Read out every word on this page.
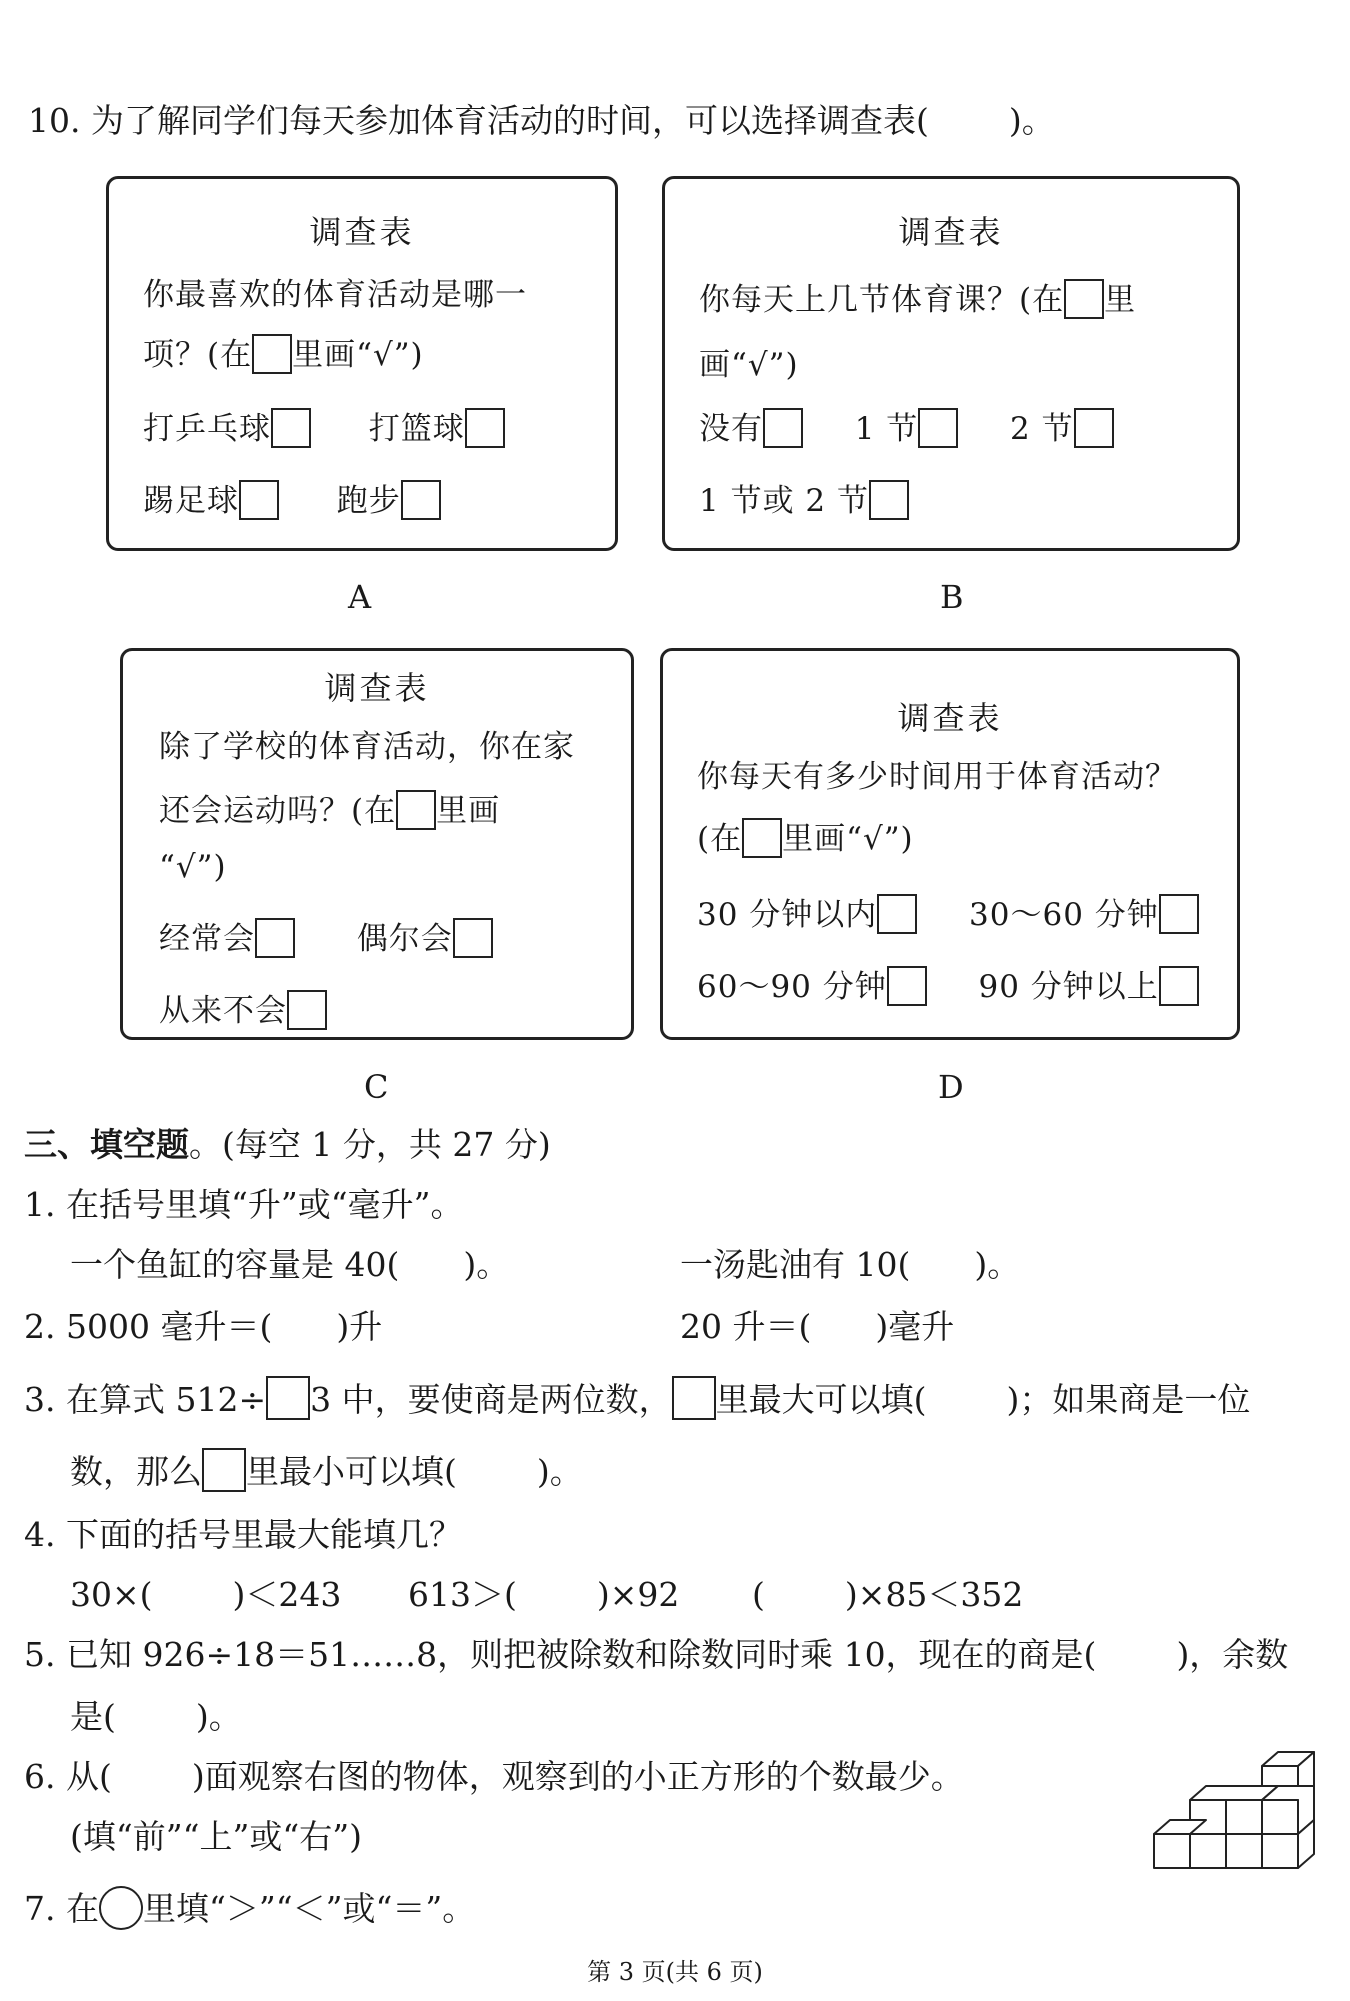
10. 为了解同学们每天参加体育活动的时间，可以选择调查表( )。
调查表
你最喜欢的体育活动是哪一
项？(在 里画“√”)
打乒乓球	打篮球
踢足球	跑步
A
调查表
你每天上几节体育课？(在 里
画“√”)
没有	1 节	2 节
1 节或 2 节
B
调查表
除了学校的体育活动，你在家
还会运动吗？(在 里画
“√”)
经常会	偶尔会
从来不会
C
调查表
你每天有多少时间用于体育活动？
(在 里画“√”)
30 分钟以内	30～60 分钟
60～90 分钟	90 分钟以上
D
三、填空题。(每空 1 分，共 27 分)
1. 在括号里填“升”或“毫升”。
一个鱼缸的容量是 40( )。	一汤匙油有 10( )。
2. 5000 毫升＝( )升	20 升＝( )毫升
3. 在算式 512÷ 3 中，要使商是两位数， 里最大可以填( )；如果商是一位
数，那么 里最小可以填( )。
4. 下面的括号里最大能填几？
30×( )＜243 613＞( )×92 ( )×85＜352
5. 已知 926÷18＝51……8，则把被除数和除数同时乘 10，现在的商是( )，余数
是( )。
6. 从( )面观察右图的物体，观察到的小正方形的个数最少。
(填“前”“上”或“右”)
7. 在 里填“＞”“＜”或“＝”。
第 3 页(共 6 页)
